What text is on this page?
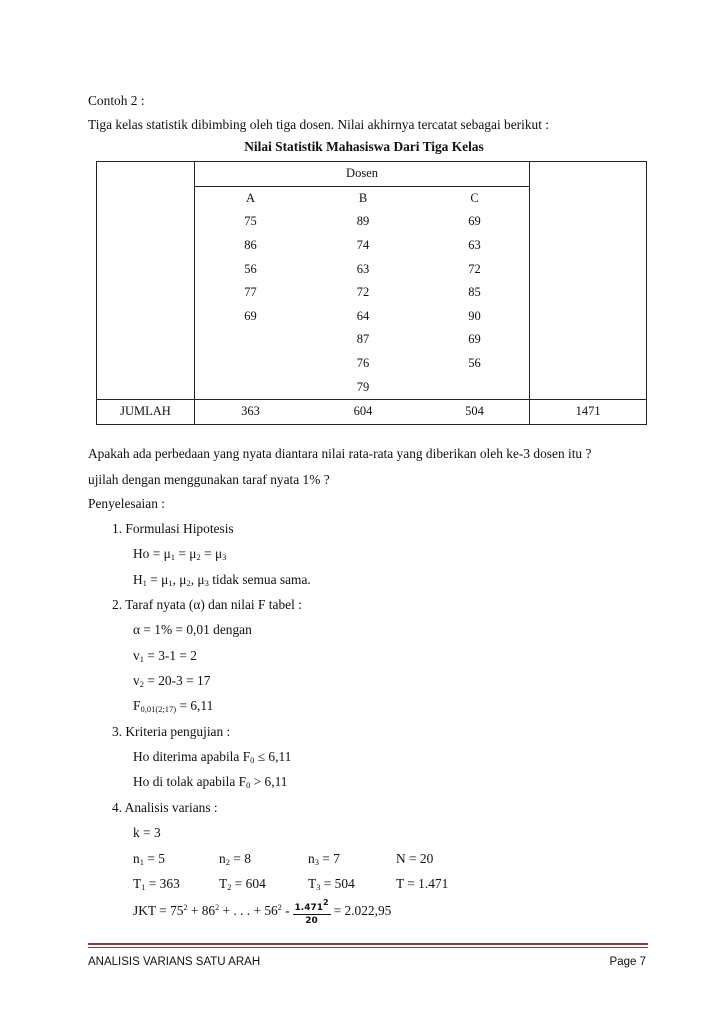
Contoh 2 :
Tiga kelas statistik dibimbing oleh tiga dosen. Nilai akhirnya tercatat sebagai berikut :
Nilai Statistik Mahasiswa Dari Tiga Kelas
	Dosen			
	A	B	C	
	75	89	69	
	86	74	63	
	56	63	72	
	77	72	85	
	69	64	90	
		87	69	
		76	56	
		79		
JUMLAH	363	604	504	1471
Apakah ada perbedaan yang nyata diantara nilai rata-rata yang diberikan oleh ke-3 dosen itu ?
ujilah dengan menggunakan taraf nyata 1% ?
Penyelesaian :
1. Formulasi Hipotesis
$Ho = \mu_1 = \mu_2 = \mu_3$
$H_1 = \mu_1$, $\mu_2$, $\mu_3$ tidak semua sama.
2. Taraf nyata (α) dan nilai F tabel :
α = 1% = 0,01 dengan
$v_1 = 3-1 = 2$
$v_2 = 20-3 = 17$
$F_{0,01(2;17)} = 6,11$
3. Kriteria pengujian :
Ho diterima apabila $F_0 \le 6,11$
Ho di tolak apabila $F_0 > 6,11$
4. Analisis varians :
k = 3
$n_1 = 5$	$n_2 = 8$	$n_3 = 7$	N = 20
$T_1 = 363$	$T_2 = 604$	$T_3 = 504$	T = 1.471
JKT = $75^2 + 86^2$ + . . . + $56^2 - \frac{1.471^2}{20} = 2.022,95$
ANALISIS VARIANS SATU ARAH	Page 7
